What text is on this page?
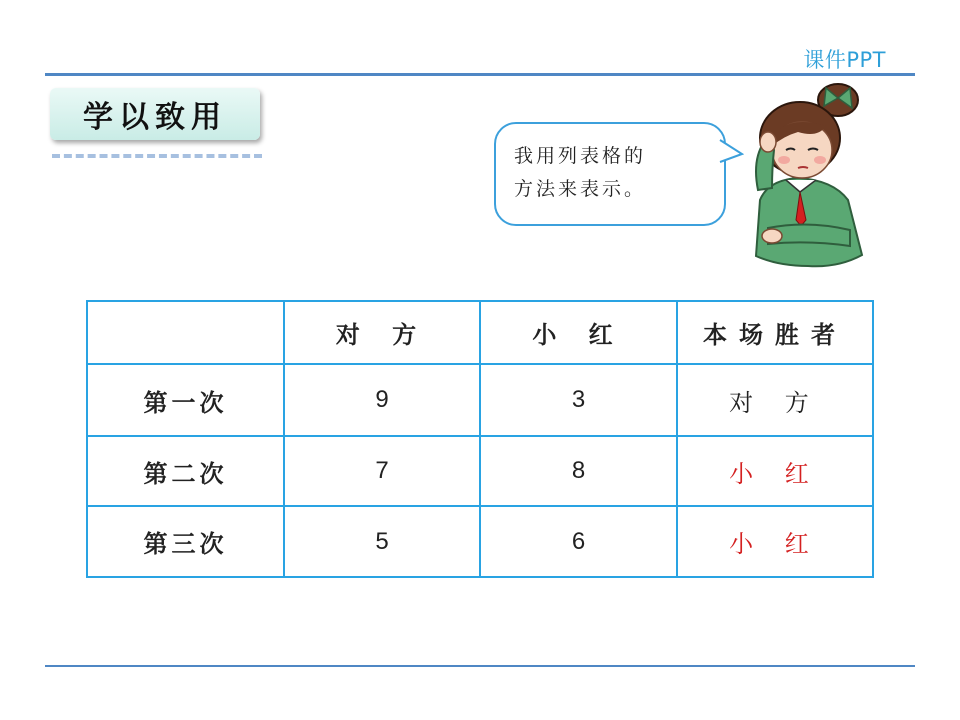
课件PPT
学以致用
我用列表格的
方法来表示。
	对 方	小 红	本场胜者
第一次	9	3	对 方
第二次	7	8	小 红
第三次	5	6	小 红
